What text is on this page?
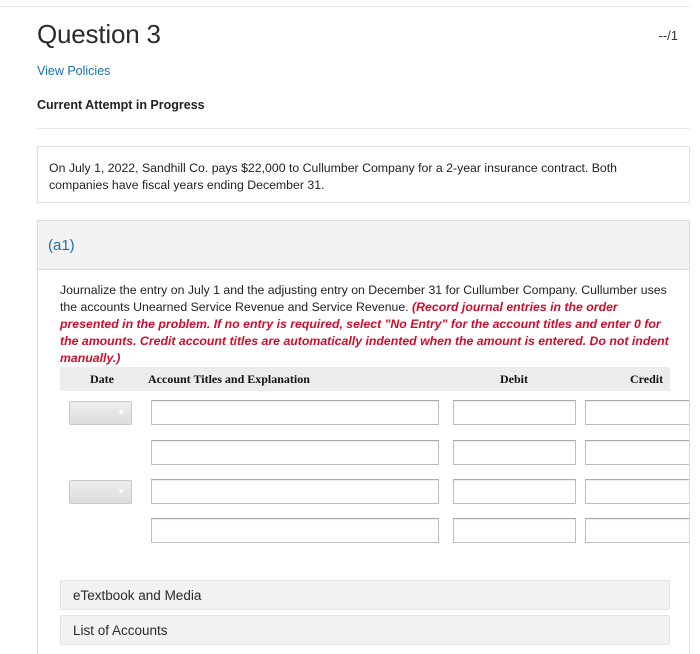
Question 3	--/1
View Policies
Current Attempt in Progress
On July 1, 2022, Sandhill Co. pays $22,000 to Cullumber Company for a 2-year insurance contract. Both companies have fiscal years ending December 31.
(a1)
Journalize the entry on July 1 and the adjusting entry on December 31 for Cullumber Company. Cullumber uses the accounts Unearned Service Revenue and Service Revenue. (Record journal entries in the order presented in the problem. If no entry is required, select "No Entry" for the account titles and enter 0 for the amounts. Credit account titles are automatically indented when the amount is entered. Do not indent manually.)
Date	Account Titles and Explanation	Debit	Credit
▼
▼
eTextbook and Media
List of Accounts
